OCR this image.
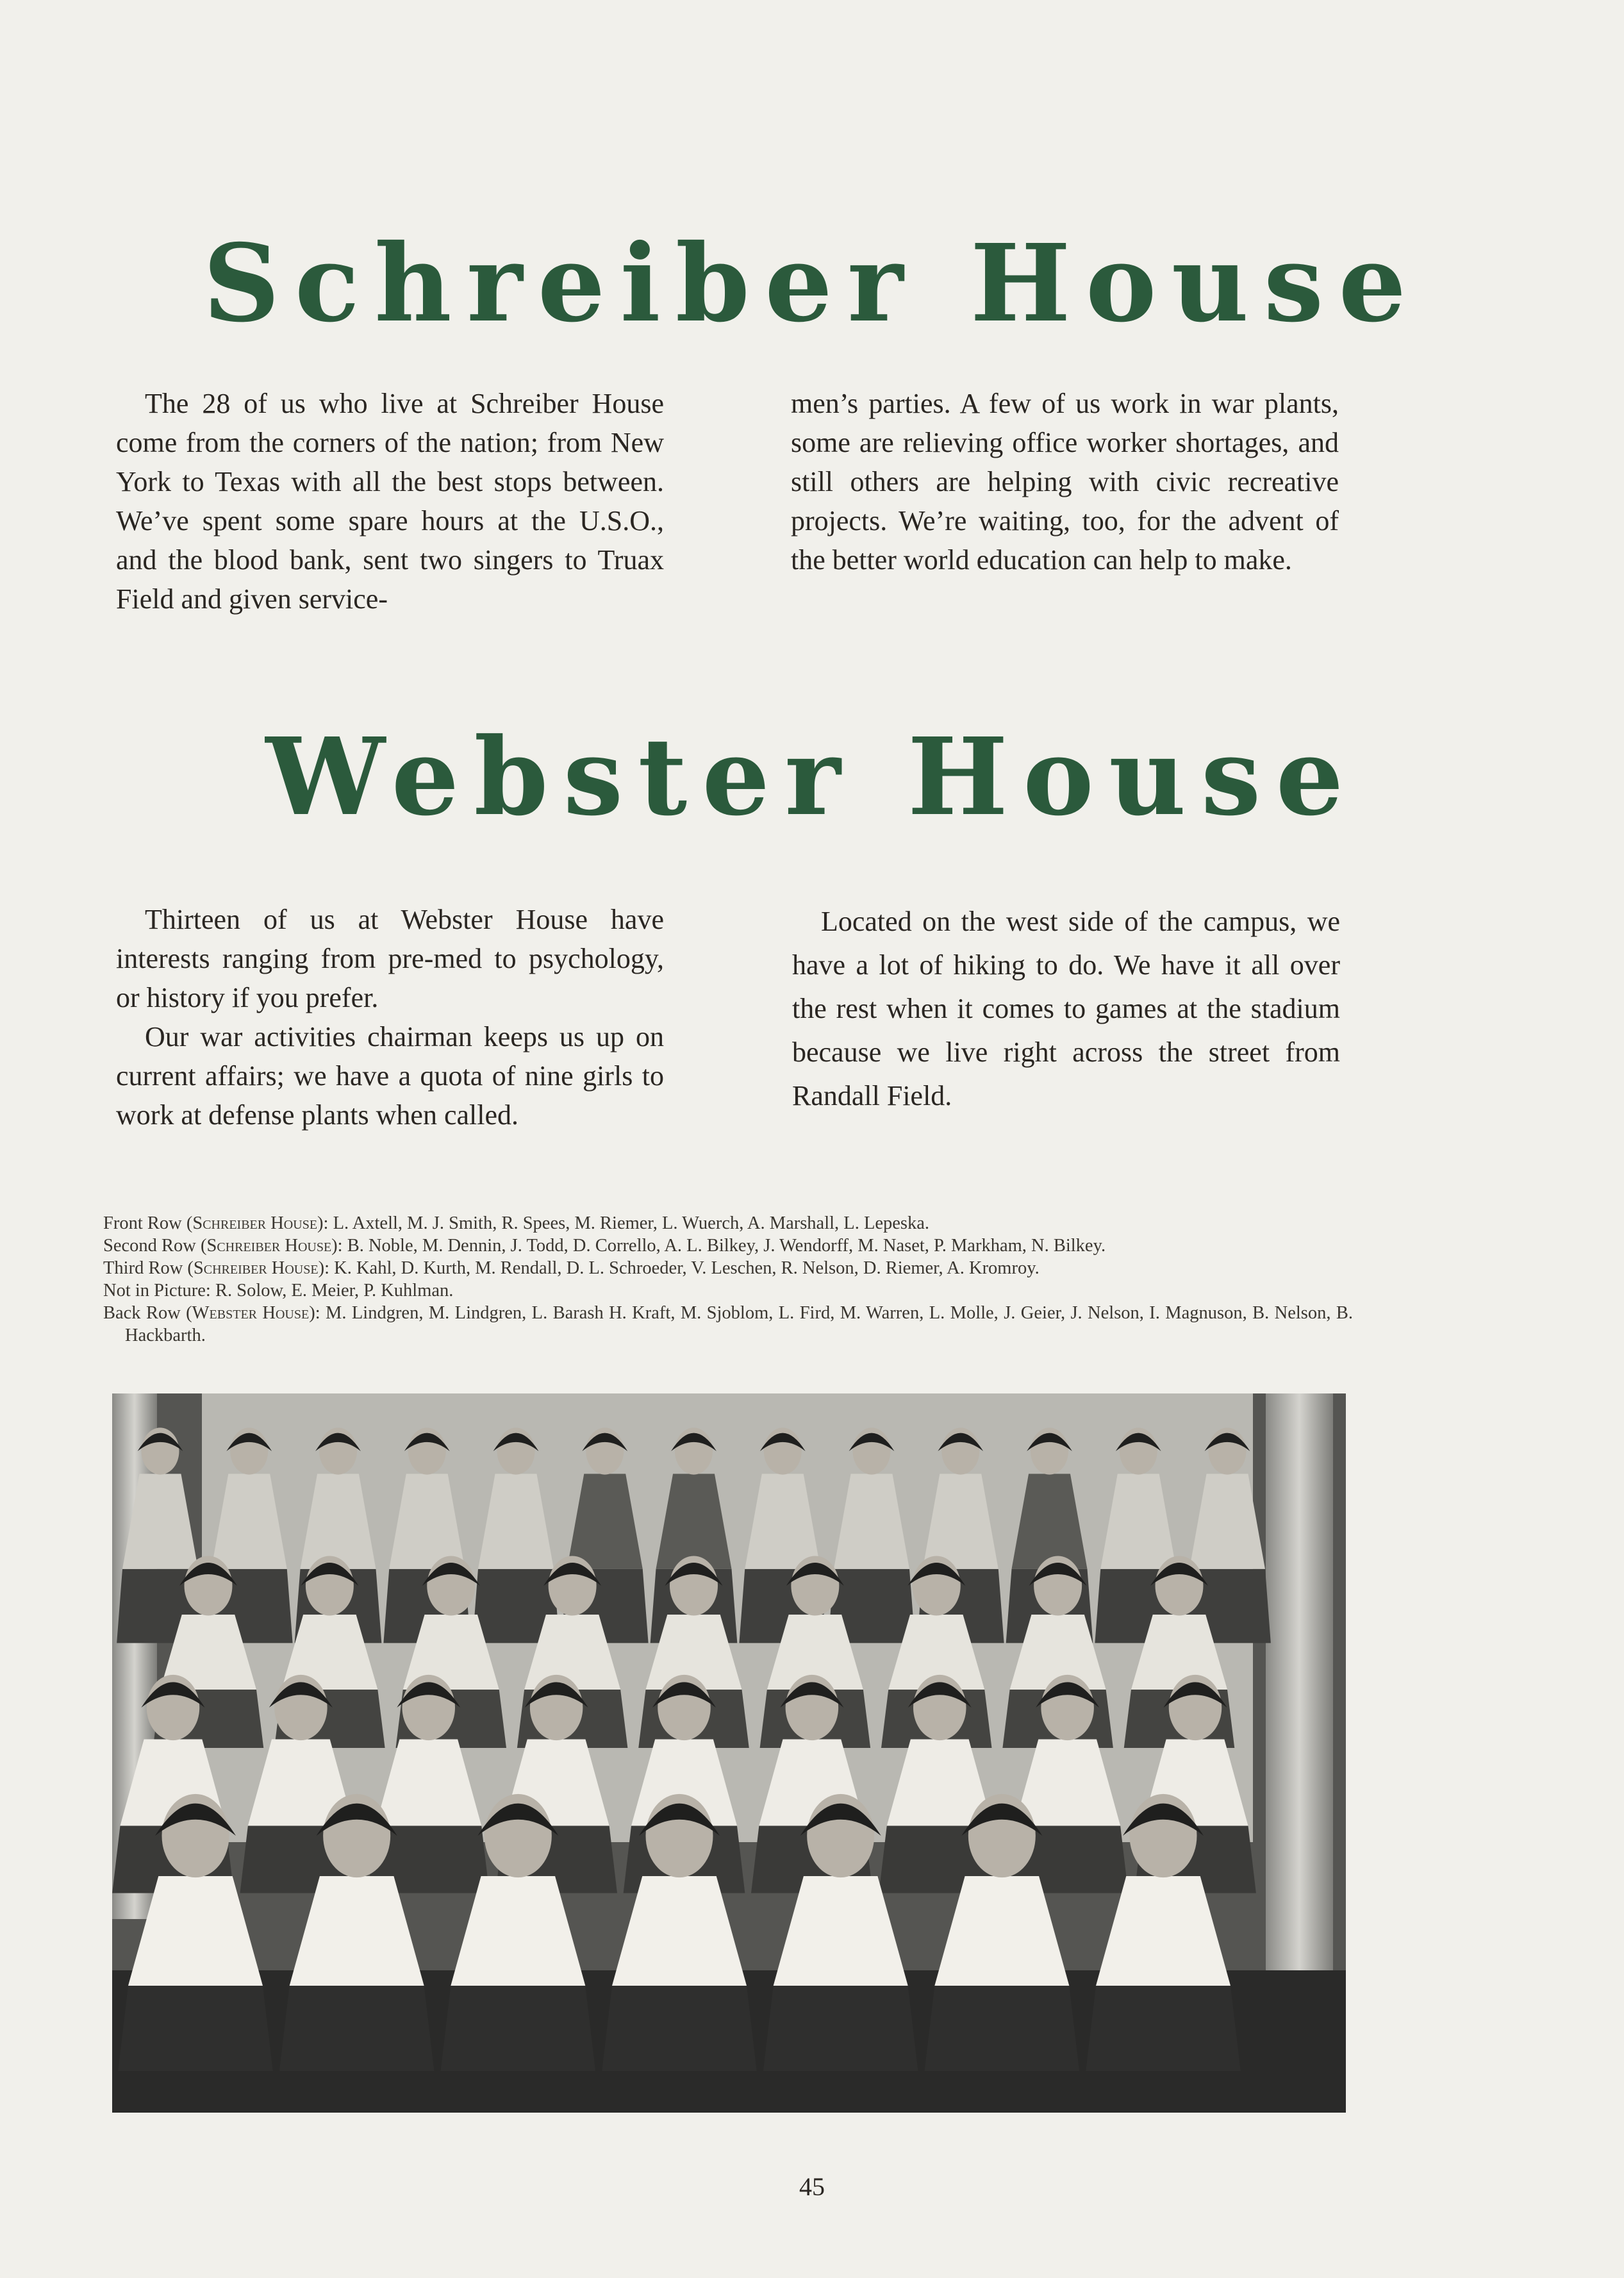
Schreiber House

The 28 of us who live at Schreiber House come from the corners of the nation; from New York to Texas with all the best stops between. We’ve spent some spare hours at the U.S.O., and the blood bank, sent two singers to Truax Field and given service-

men’s parties. A few of us work in war plants, some are relieving office worker shortages, and still others are helping with civic recreative projects. We’re waiting, too, for the advent of the better world education can help to make.

Webster House

Thirteen of us at Webster House have interests ranging from pre-med to psychology, or history if you prefer.

Our war activities chairman keeps us up on current affairs; we have a quota of nine girls to work at defense plants when called.

Located on the west side of the campus, we have a lot of hiking to do. We have it all over the rest when it comes to games at the stadium because we live right across the street from Randall Field.

Front Row (Schreiber House): L. Axtell, M. J. Smith, R. Spees, M. Riemer, L. Wuerch, A. Marshall, L. Lepeska.
Second Row (Schreiber House): B. Noble, M. Dennin, J. Todd, D. Corrello, A. L. Bilkey, J. Wendorff, M. Naset, P. Markham, N. Bilkey.
Third Row (Schreiber House): K. Kahl, D. Kurth, M. Rendall, D. L. Schroeder, V. Leschen, R. Nelson, D. Riemer, A. Kromroy.
Not in Picture: R. Solow, E. Meier, P. Kuhlman.
Back Row (Webster House): M. Lindgren, M. Lindgren, L. Barash H. Kraft, M. Sjoblom, L. Fird, M. Warren, L. Molle, J. Geier, J. Nelson, I. Magnuson, B. Nelson, B. Hackbarth.
45
